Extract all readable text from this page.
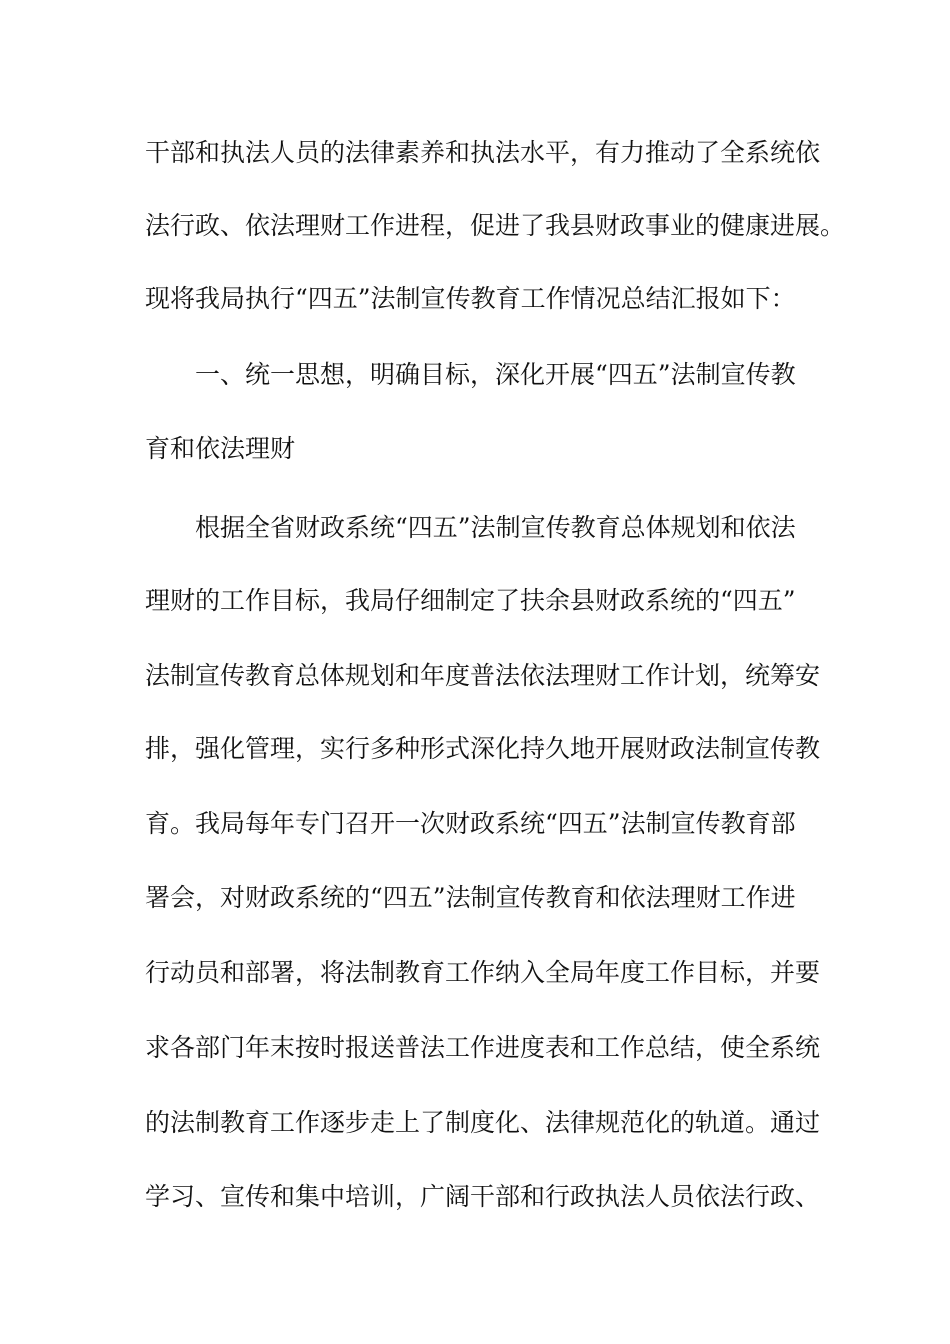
干部和执法人员的法律素养和执法水平，有力推动了全系统依
法行政、依法理财工作进程，促进了我县财政事业的健康进展。
现将我局执行“四五”法制宣传教育工作情况总结汇报如下：
一、统一思想，明确目标，深化开展“四五”法制宣传教
育和依法理财
根据全省财政系统“四五”法制宣传教育总体规划和依法
理财的工作目标，我局仔细制定了扶余县财政系统的“四五”
法制宣传教育总体规划和年度普法依法理财工作计划，统筹安
排，强化管理，实行多种形式深化持久地开展财政法制宣传教
育。我局每年专门召开一次财政系统“四五”法制宣传教育部
署会，对财政系统的“四五”法制宣传教育和依法理财工作进
行动员和部署，将法制教育工作纳入全局年度工作目标，并要
求各部门年末按时报送普法工作进度表和工作总结，使全系统
的法制教育工作逐步走上了制度化、法律规范化的轨道。通过
学习、宣传和集中培训，广阔干部和行政执法人员依法行政、
